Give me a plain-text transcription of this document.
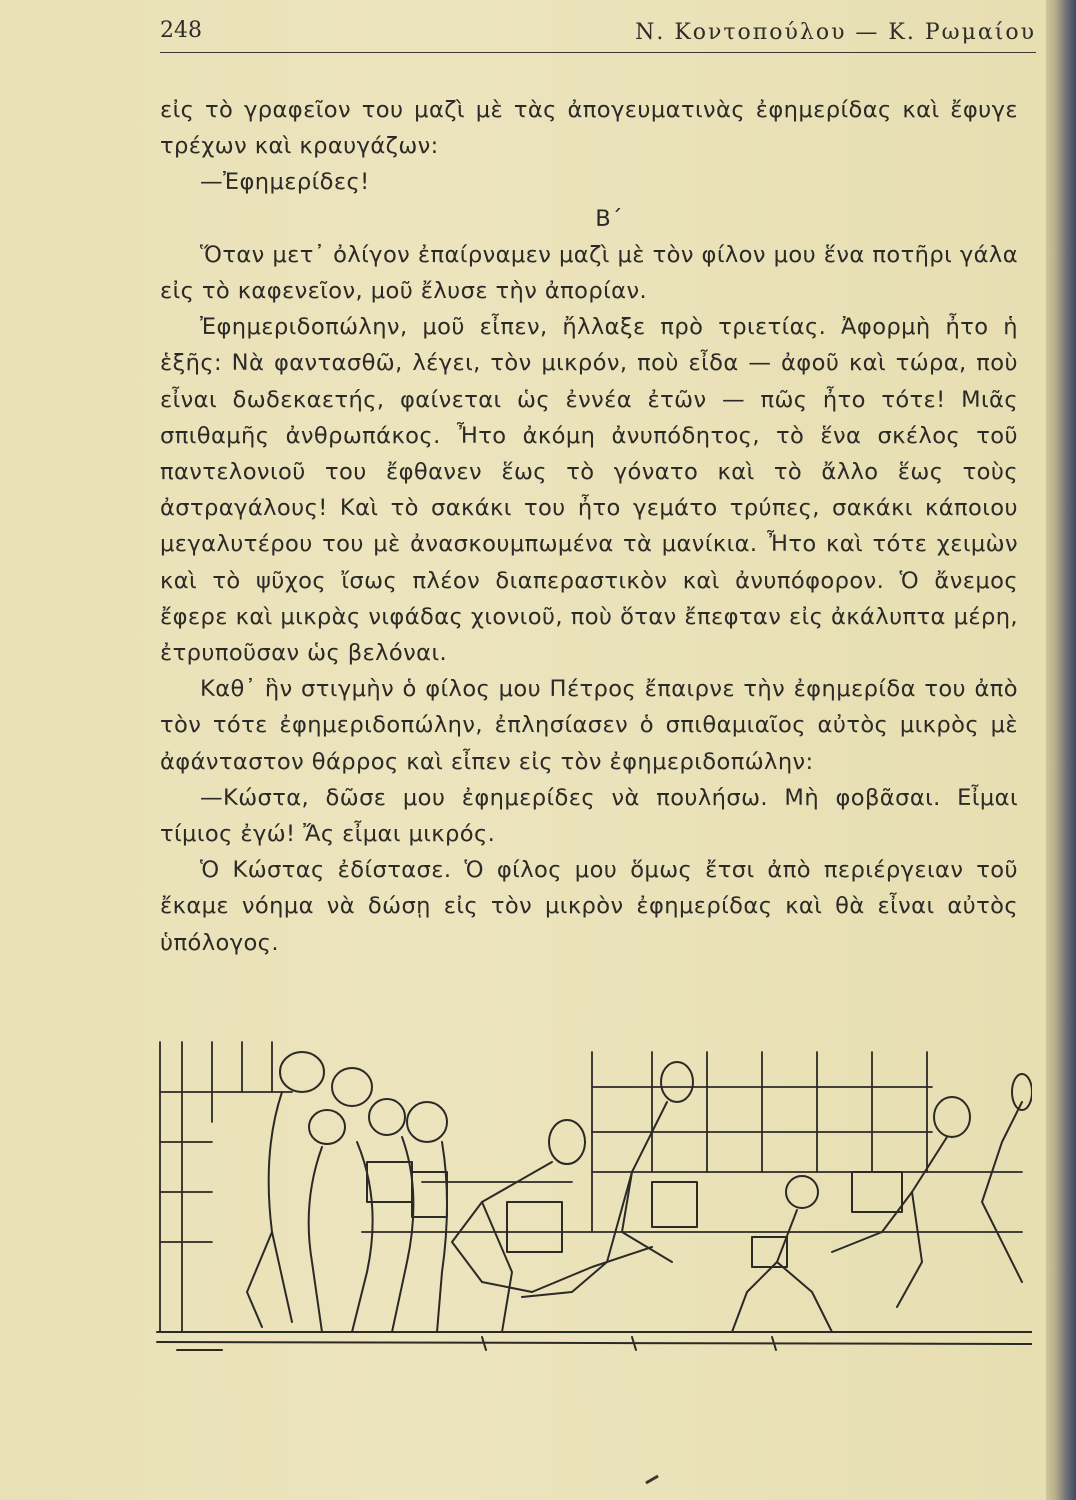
248	Ν. Κοντοπούλου — Κ. Ρωμαίου

εἰς τὸ γραφεῖον του μαζὶ μὲ τὰς ἀπογευματινὰς ἐφημερίδας καὶ ἔφυγε τρέχων καὶ κραυγάζων:

—Ἐφημερίδες!

Β΄

Ὅταν μετ᾽ ὀλίγον ἐπαίρναμεν μαζὶ μὲ τὸν φίλον μου ἕνα ποτῆρι γάλα εἰς τὸ καφενεῖον, μοῦ ἔλυσε τὴν ἀπορίαν.

Ἐφημεριδοπώλην, μοῦ εἶπεν, ἤλλαξε πρὸ τριετίας. Ἀφορμὴ ἦτο ἡ ἑξῆς: Νὰ φαντασθῶ, λέγει, τὸν μικρόν, ποὺ εἶδα — ἀφοῦ καὶ τώρα, ποὺ εἶναι δωδεκαετής, φαίνεται ὡς ἐννέα ἐτῶν — πῶς ἦτο τότε! Μιᾶς σπιθαμῆς ἀνθρωπάκος. Ἦτο ἀκόμη ἀνυπόδητος, τὸ ἕνα σκέλος τοῦ παντελονιοῦ του ἔφθανεν ἕως τὸ γόνατο καὶ τὸ ἄλλο ἕως τοὺς ἀστραγάλους! Καὶ τὸ σακάκι του ἦτο γεμάτο τρύπες, σακάκι κάποιου μεγαλυτέρου του μὲ ἀνασκουμπωμένα τὰ μανίκια. Ἦτο καὶ τότε χειμὼν καὶ τὸ ψῦχος ἴσως πλέον διαπεραστικὸν καὶ ἀνυπόφορον. Ὁ ἄνεμος ἔφερε καὶ μικρὰς νιφάδας χιονιοῦ, ποὺ ὅταν ἔπεφταν εἰς ἀκάλυπτα μέρη, ἐτρυποῦσαν ὡς βελόναι.

Καθ᾽ ἣν στιγμὴν ὁ φίλος μου Πέτρος ἔπαιρνε τὴν ἐφημερίδα του ἀπὸ τὸν τότε ἐφημεριδοπώλην, ἐπλησίασεν ὁ σπιθαμιαῖος αὐτὸς μικρὸς μὲ ἀφάνταστον θάρρος καὶ εἶπεν εἰς τὸν ἐφημεριδοπώλην:

—Κώστα, δῶσε μου ἐφημερίδες νὰ πουλήσω. Μὴ φοβᾶσαι. Εἶμαι τίμιος ἐγώ! Ἄς εἶμαι μικρός.

Ὁ Κώστας ἐδίστασε. Ὁ φίλος μου ὅμως ἔτσι ἀπὸ περιέργειαν τοῦ ἔκαμε νόημα νὰ δώσῃ εἰς τὸν μικρὸν ἐφημερίδας καὶ θὰ εἶναι αὐτὸς ὑπόλογος.
